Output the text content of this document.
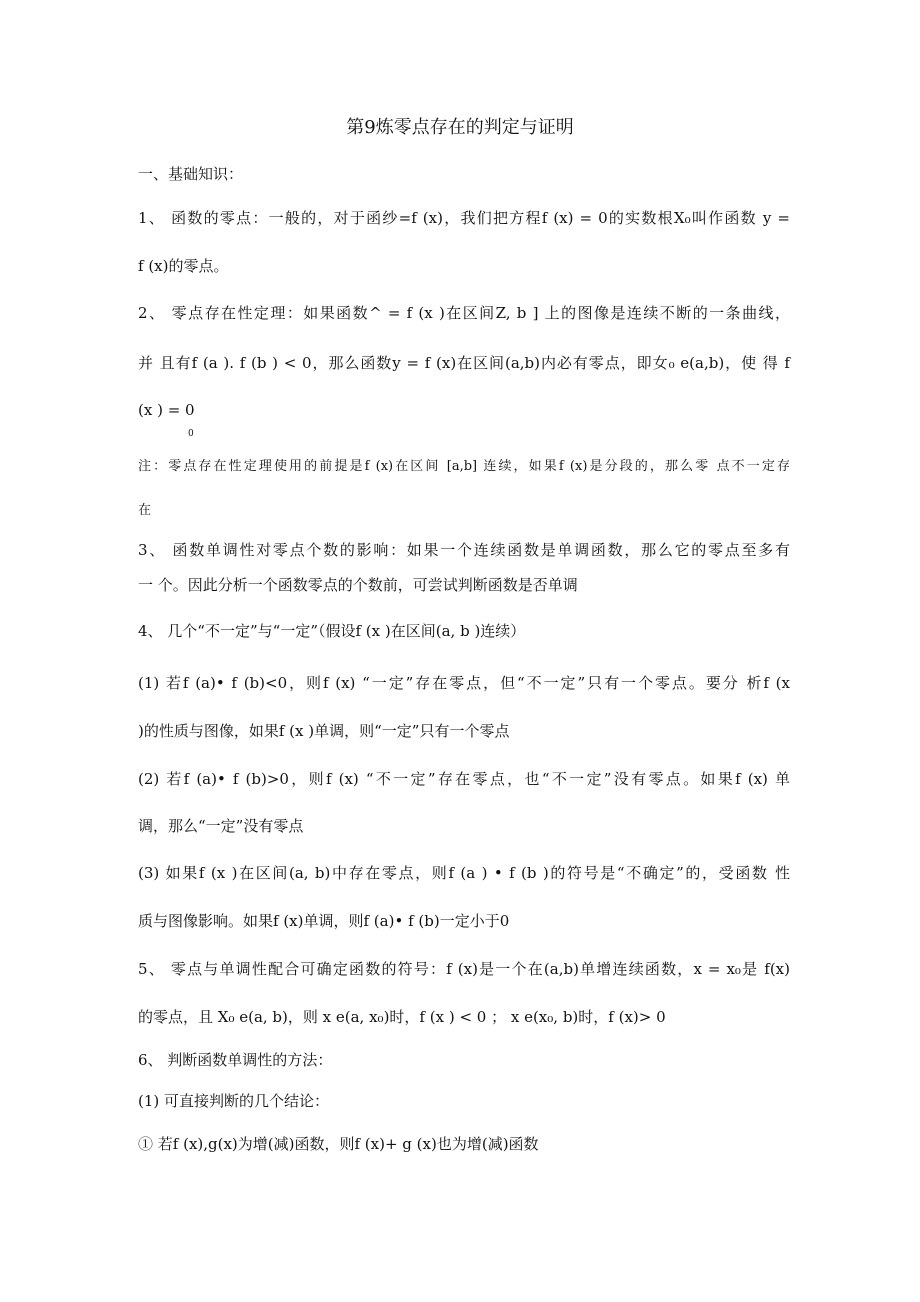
第9炼零点存在的判定与证明
一、基础知识：
1、 函数的零点：一般的，对于函纱=f (x)，我们把方程f (x) = 0的实数根X₀叫作函数 y =
f (x)的零点。
2、 零点存在性定理：如果函数^ = f (x )在区间Z, b ] 上的图像是连续不断的一条曲线，
并 且有f (a ). f (b ) < 0，那么函数y = f (x)在区间(a,b)内必有零点，即女₀ e(a,b)，使 得 f
(x ) = 0
0
注：零点存在性定理使用的前提是f (x)在区间 [a,b] 连续，如果f (x)是分段的，那么零 点不一定存
在
3、 函数单调性对零点个数的影响：如果一个连续函数是单调函数，那么它的零点至多有
一 个。因此分析一个函数零点的个数前，可尝试判断函数是否单调
4、 几个“不一定”与“一定”（假设f (x )在区间(a, b )连续）
(1) 若f (a)• f (b)<0，则f (x) “一定”存在零点，但“不一定”只有一个零点。要分 析f (x
)的性质与图像，如果f (x )单调，则“一定”只有一个零点
(2) 若f (a)• f (b)>0，则f (x) “不一定”存在零点，也“不一定”没有零点。如果f (x) 单
调，那么“一定”没有零点
(3) 如果f (x )在区间(a, b)中存在零点，则f (a ) • f (b )的符号是“不确定”的，受函数 性
质与图像影响。如果f (x)单调，则f (a)• f (b)一定小于0
5、 零点与单调性配合可确定函数的符号：f (x)是一个在(a,b)单增连续函数，x = x₀是 f(x)
的零点，且 X₀ e(a, b)，则 x e(a, x₀)时，f (x ) < 0 ； x e(x₀, b)时，f (x)> 0
6、 判断函数单调性的方法：
(1) 可直接判断的几个结论：
① 若f (x),g(x)为增(减)函数，则f (x)+ g (x)也为增(减)函数
